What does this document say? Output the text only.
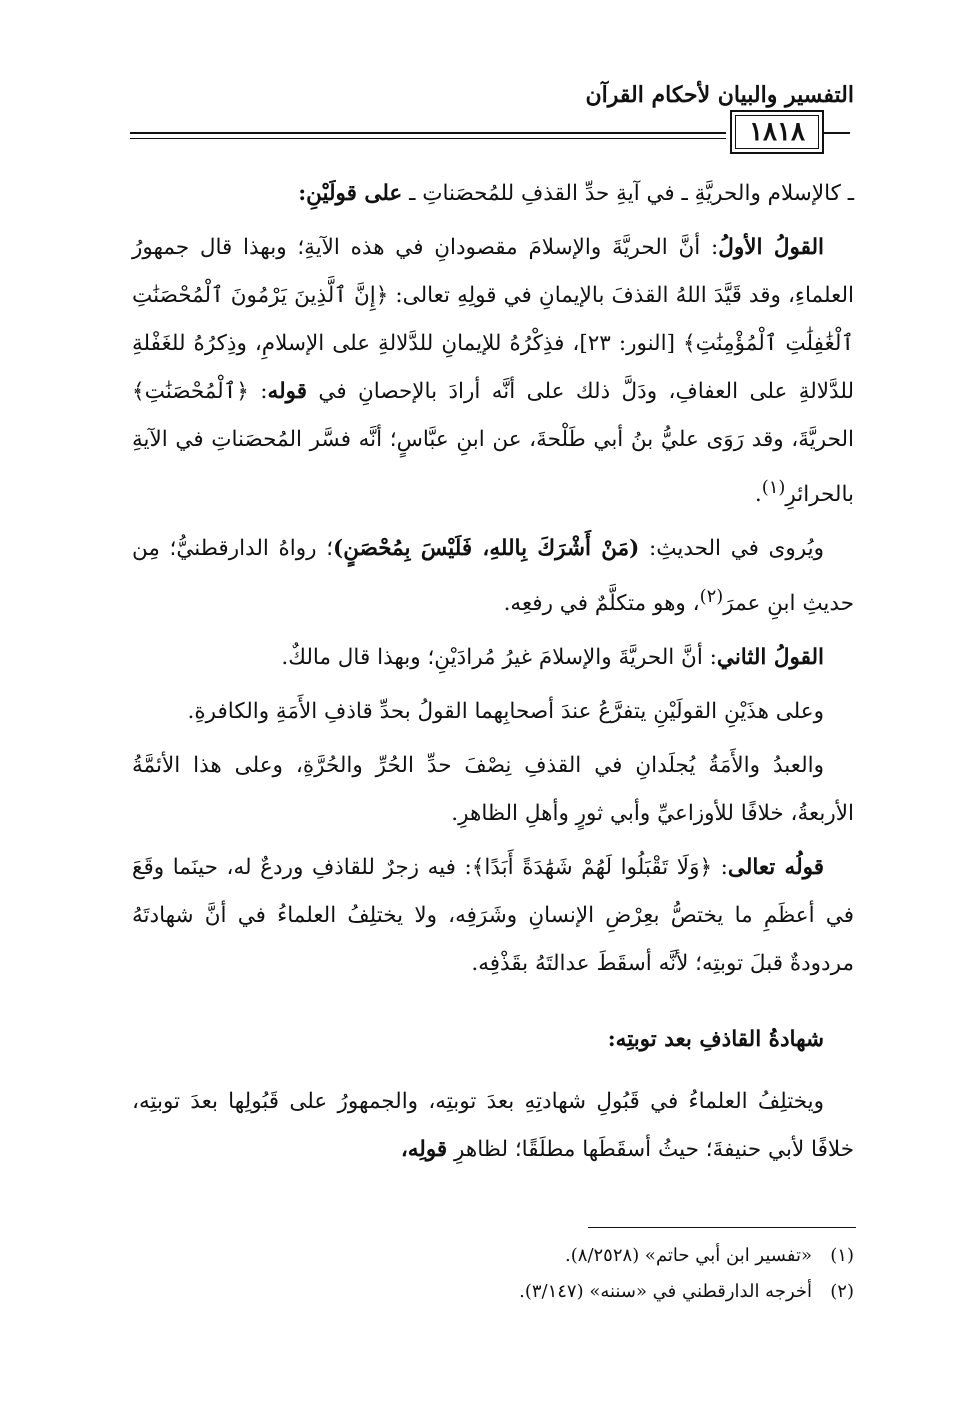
التفسير والبيان لأحكام القرآن
١٨١٨

ـ كالإسلام والحريَّةِ ـ في آيةِ حدِّ القذفِ للمُحصَناتِ ـ على قولَيْنِ:

القولُ الأولُ: أنَّ الحريَّةَ والإسلامَ مقصودانِ في هذه الآيةِ؛ وبهذا قال جمهورُ العلماءِ، وقد قَيَّدَ اللهُ القذفَ بالإيمانِ في قولِهِ تعالى: ﴿إِنَّ ٱلَّذِينَ يَرْمُونَ ٱلْمُحْصَنَٰتِ ٱلْغَٰفِلَٰتِ ٱلْمُؤْمِنَٰتِ﴾ [النور: ٢٣]، فذِكْرُهُ للإيمانِ للدَّلالةِ على الإسلامِ، وذِكرُهُ للغَفْلةِ للدَّلالةِ على العفافِ، ودَلَّ ذلك على أنَّه أرادَ بالإحصانِ في قوله: ﴿ٱلْمُحْصَنَٰتِ﴾ الحريَّةَ، وقد رَوَى عليُّ بنُ أبي طَلْحةَ، عن ابنِ عبَّاسٍ؛ أنَّه فسَّر المُحصَناتِ في الآيةِ بالحرائرِ$^{(١)}$.

ويُروى في الحديثِ: (مَنْ أَشْرَكَ بِاللهِ، فَلَيْسَ بِمُحْصَنٍ)؛ رواهُ الدارقطنيُّ؛ مِن حديثِ ابنِ عمرَ$^{(٢)}$، وهو متكلَّمٌ في رفعِه.

القولُ الثاني: أنَّ الحريَّةَ والإسلامَ غيرُ مُرادَيْنِ؛ وبهذا قال مالكٌ.

وعلى هذَيْنِ القولَيْنِ يتفرَّعُ عندَ أصحابِهما القولُ بحدِّ قاذفِ الأَمَةِ والكافرةِ.

والعبدُ والأَمَةُ يُجلَدانِ في القذفِ نِصْفَ حدِّ الحُرِّ والحُرَّةِ، وعلى هذا الأئمَّةُ الأربعةُ، خلافًا للأوزاعيِّ وأبي ثورٍ وأهلِ الظاهرِ.

قولُه تعالى: ﴿وَلَا تَقْبَلُوا لَهُمْ شَهَٰدَةً أَبَدًا﴾: فيه زجرٌ للقاذفِ وردعٌ له، حينَما وقَعَ في أعظَمِ ما يختصُّ بعِرْضِ الإنسانِ وشَرَفِه، ولا يختلِفُ العلماءُ في أنَّ شهادتَهُ مردودةٌ قبلَ توبتِه؛ لأنَّه أسقَطَ عدالتَهُ بقَذْفِه.

شهادةُ القاذفِ بعد توبتِه:

ويختلِفُ العلماءُ في قَبُولِ شهادتِهِ بعدَ توبتِه، والجمهورُ على قَبُولِها بعدَ توبتِه، خلافًا لأبي حنيفةَ؛ حيثُ أسقَطَها مطلَقًا؛ لظاهرِ قولِه،

(١)
«تفسير ابن أبي حاتم» (٨/٢٥٢٨).
(٢)
أخرجه الدارقطني في «سننه» (٣/١٤٧).
